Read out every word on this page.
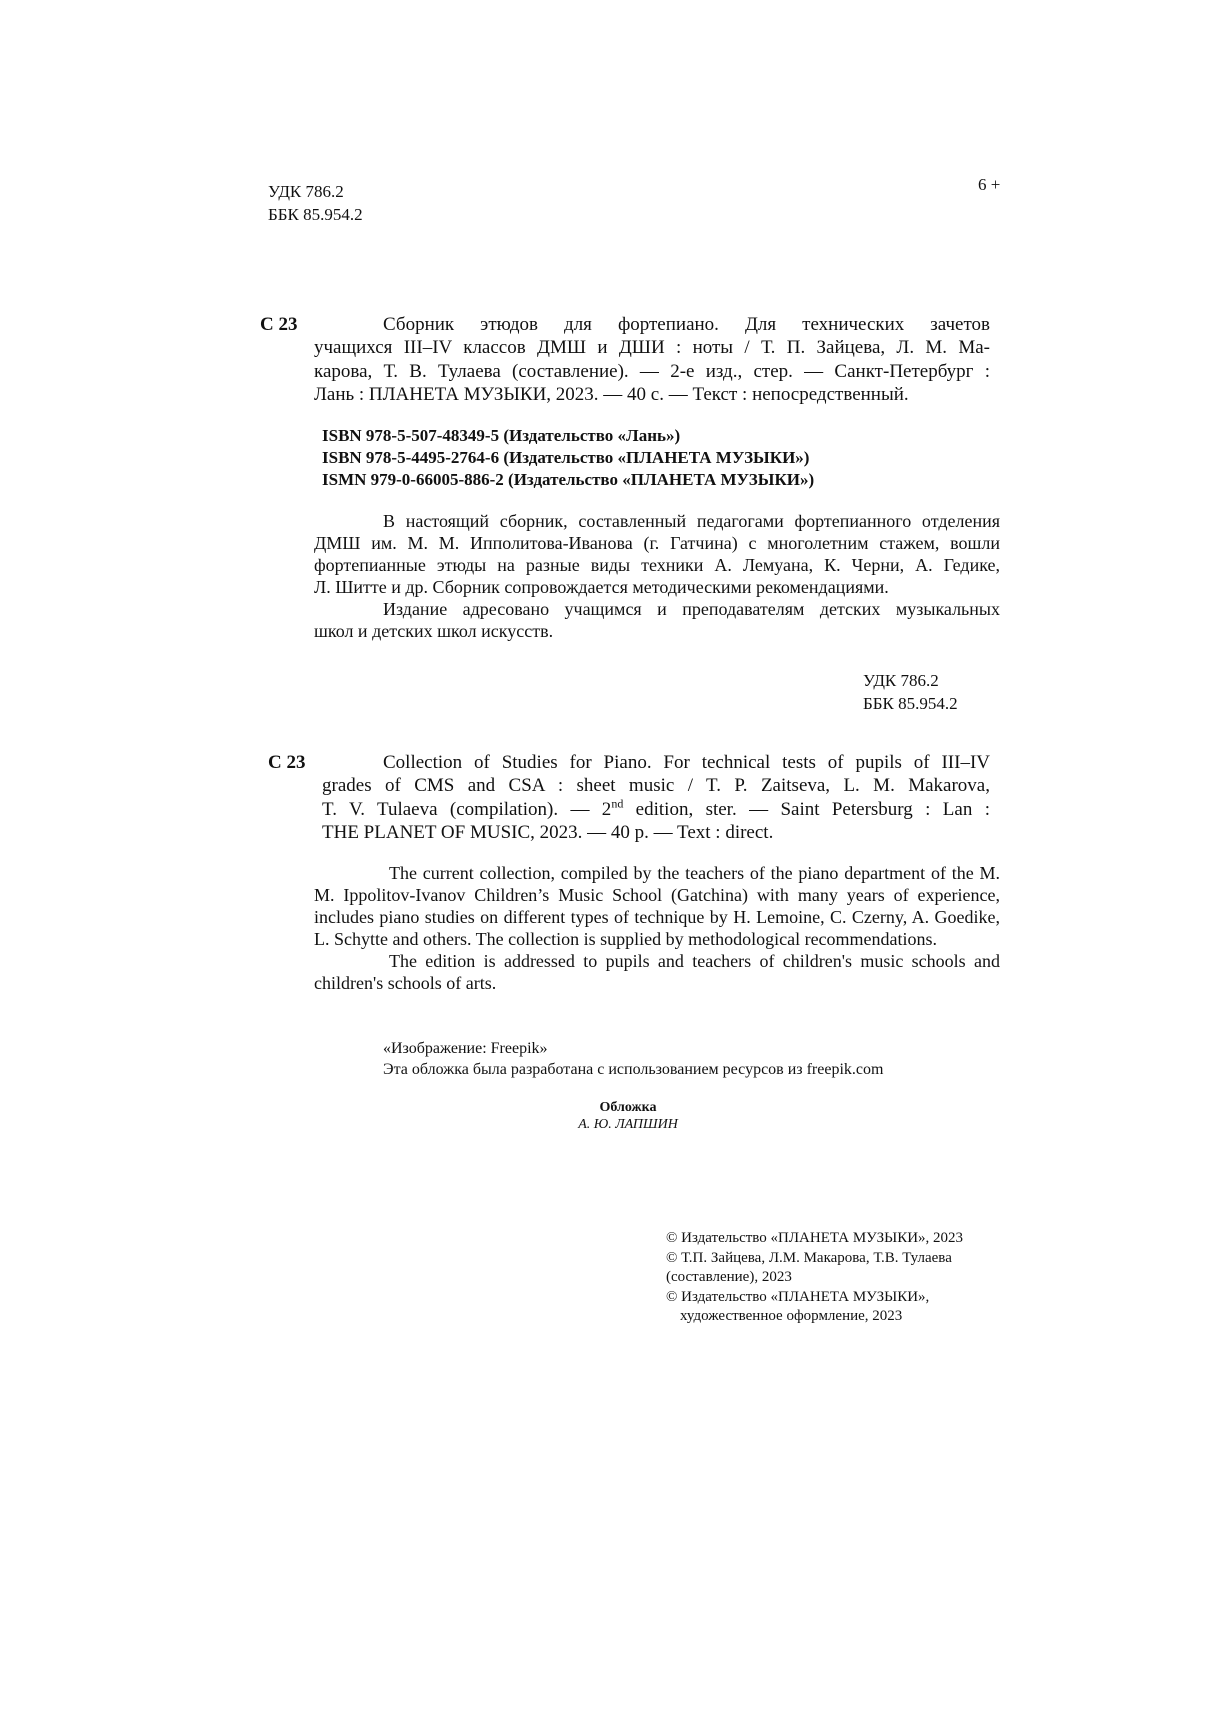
УДК 786.2
ББК 85.954.2
6 +
С 23	Сборник этюдов для фортепиано. Для технических зачетов
учащихся III–IV классов ДМШ и ДШИ : ноты / Т. П. Зайцева, Л. М. Ма-
карова, Т. В. Тулаева (составление). — 2-е изд., стер. — Санкт-Петербург :
Лань : ПЛАНЕТА МУЗЫКИ, 2023. — 40 с. — Текст : непосредственный.
ISBN 978-5-507-48349-5 (Издательство «Лань»)
ISBN 978-5-4495-2764-6 (Издательство «ПЛАНЕТА МУЗЫКИ»)
ISMN 979-0-66005-886-2 (Издательство «ПЛАНЕТА МУЗЫКИ»)
В настоящий сборник, составленный педагогами фортепианного отделения
ДМШ им. М. М. Ипполитова-Иванова (г. Гатчина) с многолетним стажем, вошли
фортепианные этюды на разные виды техники А. Лемуана, К. Черни, А. Гедике,
Л. Шитте и др. Сборник сопровождается методическими рекомендациями.
Издание адресовано учащимся и преподавателям детских музыкальных
школ и детских школ искусств.
УДК 786.2
ББК 85.954.2
С 23	Collection of Studies for Piano. For technical tests of pupils of III–IV
grades of CMS and CSA : sheet music / T. P. Zaitseva, L. M. Makarova,
T. V. Tulaeva (compilation). — 2nd edition, ster. — Saint Petersburg : Lan :
THE PLANET OF MUSIC, 2023. — 40 p. — Text : direct.

The current collection, compiled by the teachers of the piano department of the M. M. Ippolitov-Ivanov Children’s Music School (Gatchina) with many years of experience, includes piano studies on different types of technique by H. Lemoine, C. Czerny, A. Goedike, L. Schytte and others. The collection is supplied by methodological recommendations.

The edition is addressed to pupils and teachers of children's music schools and children's schools of arts.

«Изображение: Freepik»
Эта обложка была разработана с использованием ресурсов из freepik.com
Обложка
А. Ю. ЛАПШИН
© Издательство «ПЛАНЕТА МУЗЫКИ», 2023
© Т.П. Зайцева, Л.М. Макарова, Т.В. Тулаева
(составление), 2023
© Издательство «ПЛАНЕТА МУЗЫКИ»,
художественное оформление, 2023
